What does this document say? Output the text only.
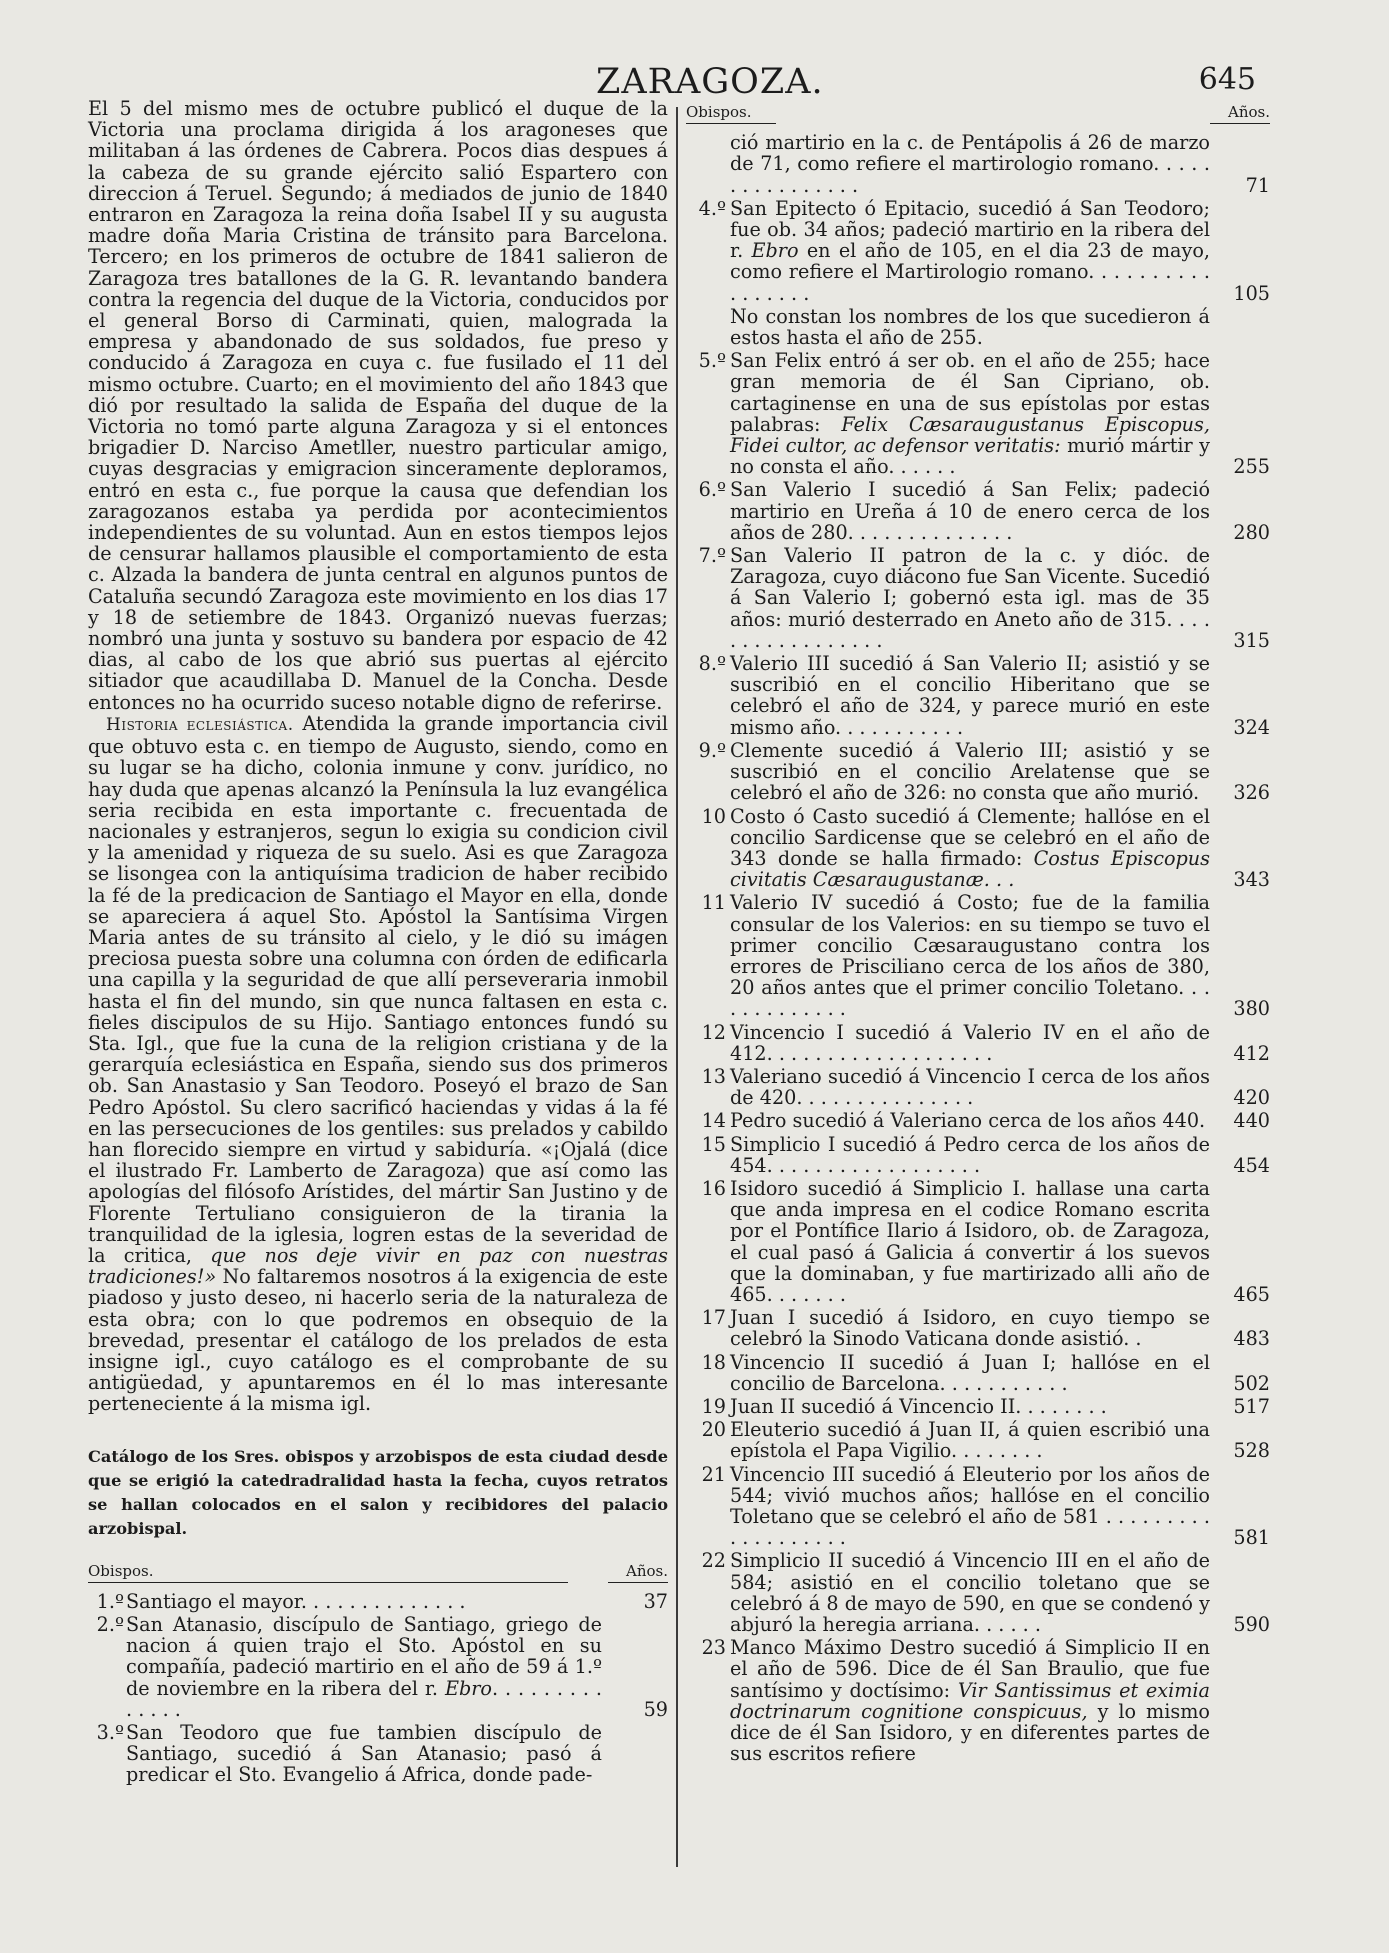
ZARAGOZA.	645

El 5 del mismo mes de octubre publicó el duque de la Victoria una proclama dirigida á los aragoneses que militaban á las órdenes de Cabrera. Pocos dias despues á la cabeza de su grande ejército salió Espartero con direccion á Teruel. Segundo; á mediados de junio de 1840 entraron en Zaragoza la reina doña Isabel II y su augusta madre doña Maria Cristina de tránsito para Barcelona. Tercero; en los primeros de octubre de 1841 salieron de Zaragoza tres batallones de la G. R. levantando bandera contra la regencia del duque de la Victoria, conducidos por el general Borso di Carminati, quien, malograda la empresa y abandonado de sus soldados, fue preso y conducido á Zaragoza en cuya c. fue fusilado el 11 del mismo octubre. Cuarto; en el movimiento del año 1843 que dió por resultado la salida de España del duque de la Victoria no tomó parte alguna Zaragoza y si el entonces brigadier D. Narciso Ametller, nuestro particular amigo, cuyas desgracias y emigracion sinceramente deploramos, entró en esta c., fue porque la causa que defendian los zaragozanos estaba ya perdida por acontecimientos independientes de su voluntad. Aun en estos tiempos lejos de censurar hallamos plausible el comportamiento de esta c. Alzada la bandera de junta central en algunos puntos de Cataluña secundó Zaragoza este movimiento en los dias 17 y 18 de setiembre de 1843. Organizó nuevas fuerzas; nombró una junta y sostuvo su bandera por espacio de 42 dias, al cabo de los que abrió sus puertas al ejército sitiador que acaudillaba D. Manuel de la Concha. Desde entonces no ha ocurrido suceso notable digno de referirse.

Historia eclesiástica. Atendida la grande importancia civil que obtuvo esta c. en tiempo de Augusto, siendo, como en su lugar se ha dicho, colonia inmune y conv. jurídico, no hay duda que apenas alcanzó la Península la luz evangélica seria recibida en esta importante c. frecuentada de nacionales y estranjeros, segun lo exigia su condicion civil y la amenidad y riqueza de su suelo. Asi es que Zaragoza se lisongea con la antiquísima tradicion de haber recibido la fé de la predicacion de Santiago el Mayor en ella, donde se apareciera á aquel Sto. Apóstol la Santísima Virgen Maria antes de su tránsito al cielo, y le dió su imágen preciosa puesta sobre una columna con órden de edificarla una capilla y la seguridad de que allí perseveraria inmobil hasta el fin del mundo, sin que nunca faltasen en esta c. fieles discipulos de su Hijo. Santiago entonces fundó su Sta. Igl., que fue la cuna de la religion cristiana y de la gerarquía eclesiástica en España, siendo sus dos primeros ob. San Anastasio y San Teodoro. Poseyó el brazo de San Pedro Apóstol. Su clero sacrificó haciendas y vidas á la fé en las persecuciones de los gentiles: sus prelados y cabildo han florecido siempre en virtud y sabiduría. «¡Ojalá (dice el ilustrado Fr. Lamberto de Zaragoza) que así como las apologías del filósofo Arístides, del mártir San Justino y de Florente Tertuliano consiguieron de la tirania la tranquilidad de la iglesia, logren estas de la severidad de la critica, que nos deje vivir en paz con nuestras tradiciones!» No faltaremos nosotros á la exigencia de este piadoso y justo deseo, ni hacerlo seria de la naturaleza de esta obra; con lo que podremos en obsequio de la brevedad, presentar el catálogo de los prelados de esta insigne igl., cuyo catálogo es el comprobante de su antigüedad, y apuntaremos en él lo mas interesante perteneciente á la misma igl.

Catálogo de los Sres. obispos y arzobispos de esta ciudad desde que se erigió la catedradralidad hasta la fecha, cuyos retratos se hallan colocados en el salon y recibidores del palacio arzobispal.
Obispos.	Años.
1.º Santiago el mayor. . . . . . . . . . . . . .	37
2.º San Atanasio, discípulo de Santiago, griego de nacion á quien trajo el Sto. Apóstol en su compañía, padeció martirio en el año de 59 á 1.º de noviembre en la ribera del r. Ebro. . . . . . . . . . . . . .	59
3.º San Teodoro que fue tambien discípulo de Santiago, sucedió á San Atanasio; pasó á predicar el Sto. Evangelio á Africa, donde pade-
Obispos.	Años.
ció martirio en la c. de Pentápolis á 26 de marzo de 71, como refiere el martirologio romano. . . . . . . . . . . . . . . .	71
4.º San Epitecto ó Epitacio, sucedió á San Teodoro; fue ob. 34 años; padeció martirio en la ribera del r. Ebro en el año de 105, en el dia 23 de mayo, como refiere el Martirologio romano. . . . . . . . . . . . . . . . .	105
No constan los nombres de los que sucedieron á estos hasta el año de 255.
5.º San Felix entró á ser ob. en el año de 255; hace gran memoria de él San Cipriano, ob. cartaginense en una de sus epístolas por estas palabras: Felix Cæsaraugustanus Episcopus, Fidei cultor, ac defensor veritatis: murió mártir y no consta el año. . . . . .	255
6.º San Valerio I sucedió á San Felix; padeció martirio en Ureña á 10 de enero cerca de los años de 280. . . . . . . . . . . . . .	280
7.º San Valerio II patron de la c. y dióc. de Zaragoza, cuyo diácono fue San Vicente. Sucedió á San Valerio I; gobernó esta igl. mas de 35 años: murió desterrado en Aneto año de 315. . . . . . . . . . . . . . . . .	315
8.º Valerio III sucedió á San Valerio II; asistió y se suscribió en el concilio Hiberitano que se celebró el año de 324, y parece murió en este mismo año. . . . . . . . . . .	324
9.º Clemente sucedió á Valerio III; asistió y se suscribió en el concilio Arelatense que se celebró el año de 326: no consta que año murió. 326
10 Costo ó Casto sucedió á Clemente; hallóse en el concilio Sardicense que se celebró en el año de 343 donde se halla firmado: Costus Episcopus civitatis Cæsaraugustanæ. . .	343
11 Valerio IV sucedió á Costo; fue de la familia consular de los Valerios: en su tiempo se tuvo el primer concilio Cæsaraugustano contra los errores de Prisciliano cerca de los años de 380, 20 años antes que el primer concilio Toletano. . . . . . . . . . . . .	380
12 Vincencio I sucedió á Valerio IV en el año de 412. . . . . . . . . . . . . . . . . . .	412
13 Valeriano sucedió á Vincencio I cerca de los años de 420. . . . . . . . . . . . . . .	420
14 Pedro sucedió á Valeriano cerca de los años 440. 440
15 Simplicio I sucedió á Pedro cerca de los años de 454. . . . . . . . . . . . . . . . . .	454
16 Isidoro sucedió á Simplicio I. hallase una carta que anda impresa en el codice Romano escrita por el Pontífice Ilario á Isidoro, ob. de Zaragoza, el cual pasó á Galicia á convertir á los suevos que la dominaban, y fue martirizado alli año de 465. . . . . . .	465
17 Juan I sucedió á Isidoro, en cuyo tiempo se celebró la Sinodo Vaticana donde asistió. .	483
18 Vincencio II sucedió á Juan I; hallóse en el concilio de Barcelona. . . . . . . . . . .	502
19 Juan II sucedió á Vincencio II. . . . . . . .	517
20 Eleuterio sucedió á Juan II, á quien escribió una epístola el Papa Vigilio. . . . . . . .	528
21 Vincencio III sucedió á Eleuterio por los años de 544; vivió muchos años; hallóse en el concilio Toletano que se celebró el año de 581 . . . . . . . . . . . . . . . . . . .	581
22 Simplicio II sucedió á Vincencio III en el año de 584; asistió en el concilio toletano que se celebró á 8 de mayo de 590, en que se condenó y abjuró la heregia arriana. . . . . .	590
23 Manco Máximo Destro sucedió á Simplicio II en el año de 596. Dice de él San Braulio, que fue santísimo y doctísimo: Vir Santissimus et eximia doctrinarum cognitione conspicuus, y lo mismo dice de él San Isidoro, y en diferentes partes de sus escritos refiere
